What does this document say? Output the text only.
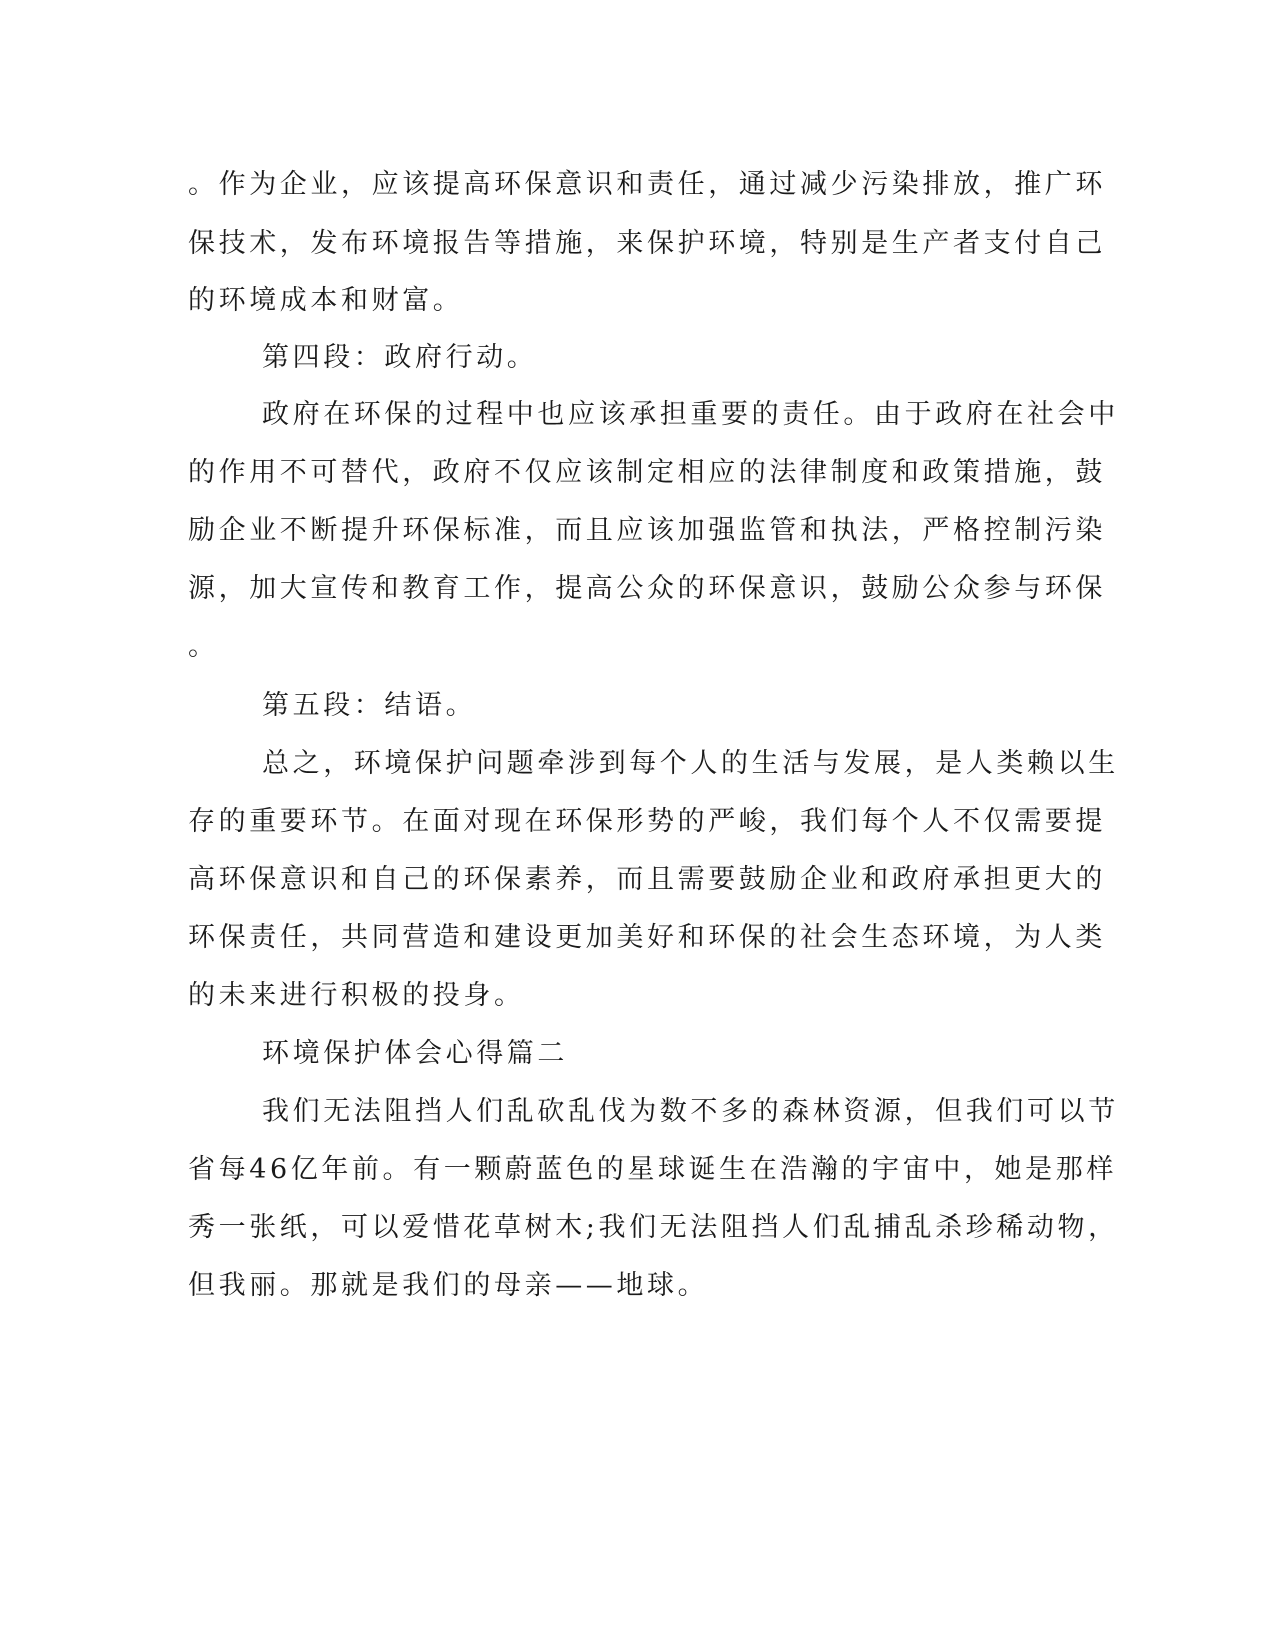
。作为企业，应该提高环保意识和责任，通过减少污染排放，推广环

保技术，发布环境报告等措施，来保护环境，特别是生产者支付自己

的环境成本和财富。

第四段：政府行动。

政府在环保的过程中也应该承担重要的责任。由于政府在社会中

的作用不可替代，政府不仅应该制定相应的法律制度和政策措施，鼓

励企业不断提升环保标准，而且应该加强监管和执法，严格控制污染

源，加大宣传和教育工作，提高公众的环保意识，鼓励公众参与环保

。

第五段：结语。

总之，环境保护问题牵涉到每个人的生活与发展，是人类赖以生

存的重要环节。在面对现在环保形势的严峻，我们每个人不仅需要提

高环保意识和自己的环保素养，而且需要鼓励企业和政府承担更大的

环保责任，共同营造和建设更加美好和环保的社会生态环境，为人类

的未来进行积极的投身。

环境保护体会心得篇二

我们无法阻挡人们乱砍乱伐为数不多的森林资源，但我们可以节

省每46亿年前。有一颗蔚蓝色的星球诞生在浩瀚的宇宙中，她是那样

秀一张纸，可以爱惜花草树木;我们无法阻挡人们乱捕乱杀珍稀动物，

但我丽。那就是我们的母亲——地球。
